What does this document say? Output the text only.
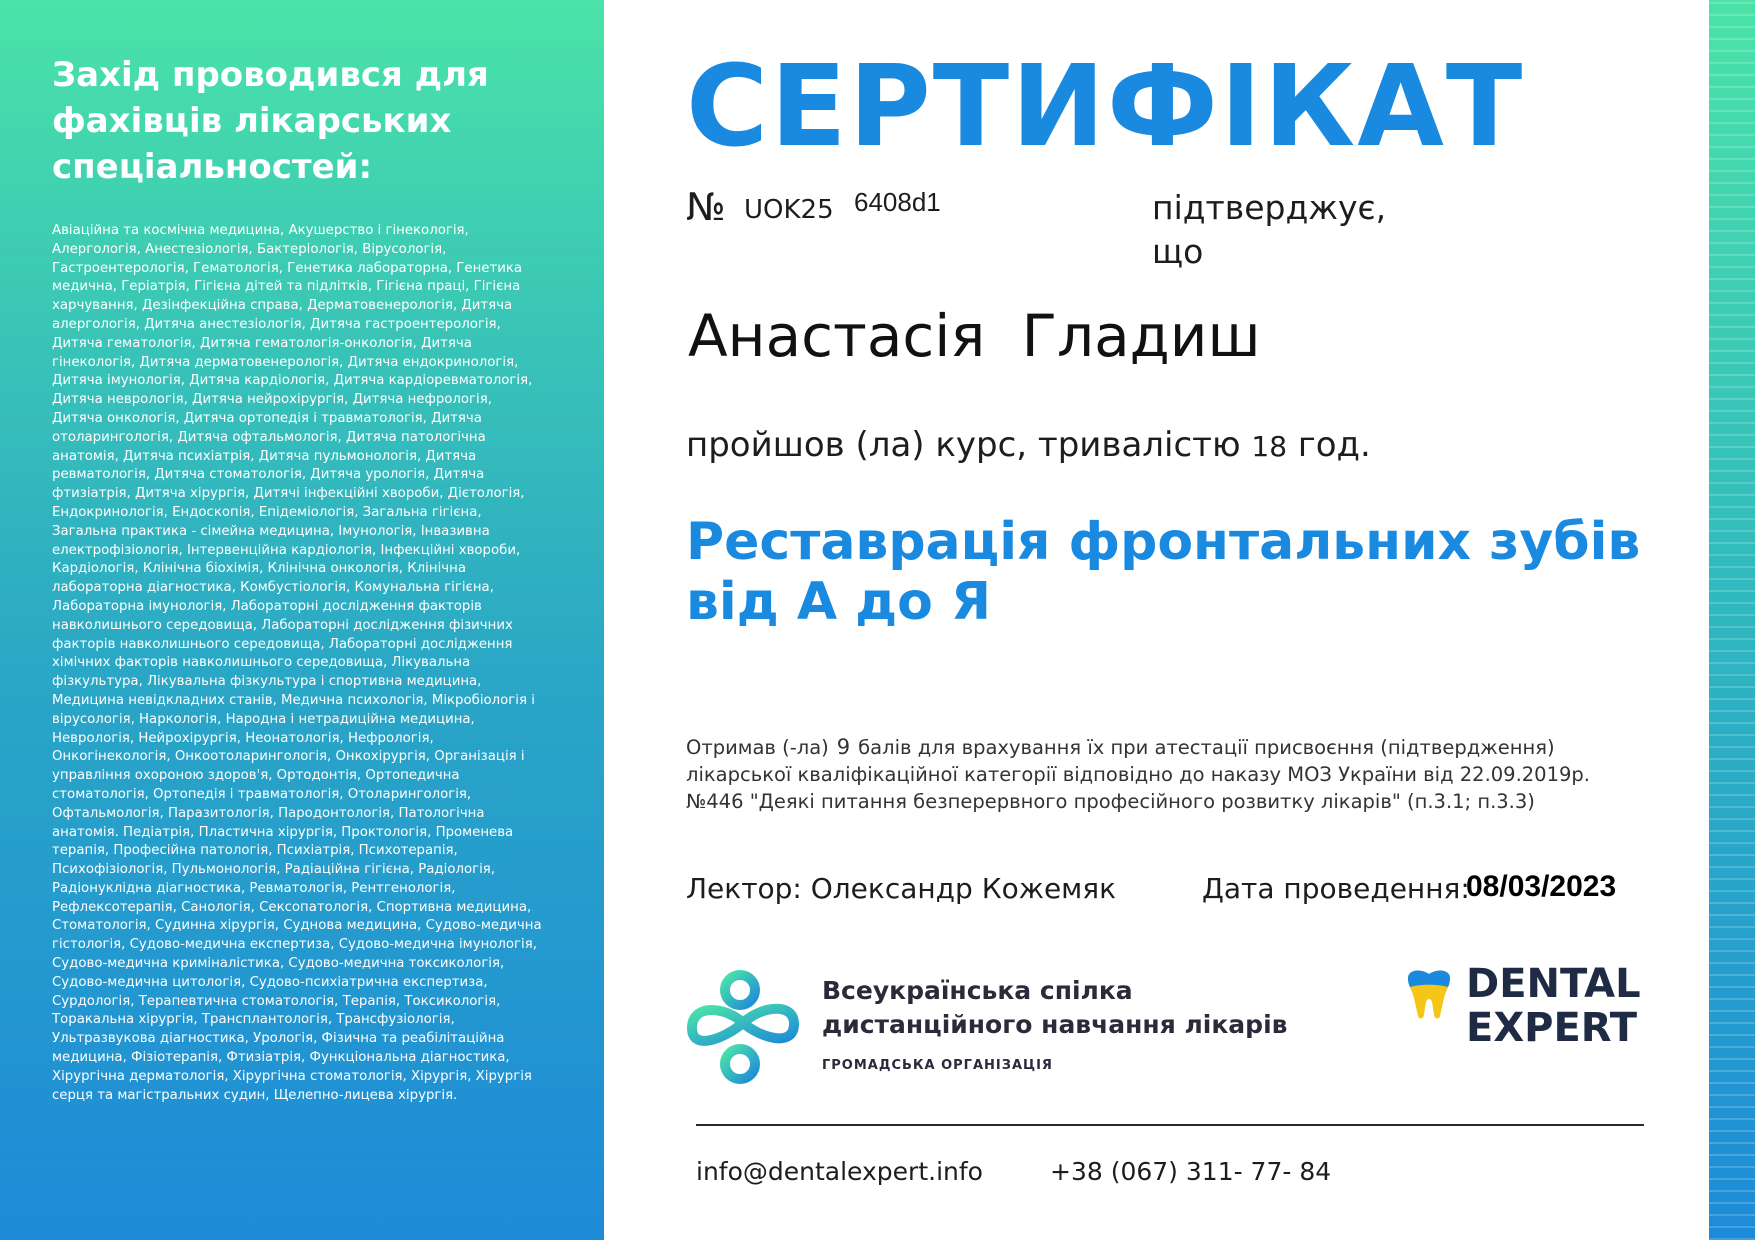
Захід проводився для фахівців лікарських спеціальностей:

Авіаційна та космічна медицина, Акушерство і гінекологія, Алергологія, Анестезіологія, Бактеріологія, Вірусологія, Гастроентерологія, Гематологія, Генетика лабораторна, Генетика медична, Геріатрія, Гігієна дітей та підлітків, Гігієна праці, Гігієна харчування, Дезінфекційна справа, Дерматовенерологія, Дитяча алергологія, Дитяча анестезіологія, Дитяча гастроентерологія, Дитяча гематологія, Дитяча гематологія-онкологія, Дитяча гінекологія, Дитяча дерматовенерологія, Дитяча ендокринологія, Дитяча імунологія, Дитяча кардіологія, Дитяча кардіоревматологія, Дитяча неврологія, Дитяча нейрохірургія, Дитяча нефрологія, Дитяча онкологія, Дитяча ортопедія і травматологія, Дитяча отоларингологія, Дитяча офтальмологія, Дитяча патологічна анатомія, Дитяча психіатрія, Дитяча пульмонологія, Дитяча ревматологія, Дитяча стоматологія, Дитяча урологія, Дитяча фтизіатрія, Дитяча хірургія, Дитячі інфекційні хвороби, Дієтологія, Ендокринологія, Ендоскопія, Епідеміологія, Загальна гігієна, Загальна практика - сімейна медицина, Імунологія, Інвазивна електрофізіологія, Інтервенційна кардіологія, Інфекційні хвороби, Кардіологія, Клінічна біохімія, Клінічна онкологія, Клінічна лабораторна діагностика, Комбустіологія, Комунальна гігієна, Лабораторна імунологія, Лабораторні дослідження факторів навколишнього середовища, Лабораторні дослідження фізичних факторів навколишнього середовища, Лабораторні дослідження хімічних факторів навколишнього середовища, Лікувальна фізкультура, Лікувальна фізкультура і спортивна медицина, Медицина невідкладних станів, Медична психологія, Мікробіологія і вірусологія, Наркологія, Народна і нетрадиційна медицина, Неврологія, Нейрохірургія, Неонатологія, Нефрологія, Онкогінекологія, Онкоотоларингологія, Онкохірургія, Організація і управління охороною здоров'я, Ортодонтія, Ортопедична стоматологія, Ортопедія і травматологія, Отоларингологія, Офтальмологія, Паразитологія, Пародонтологія, Патологічна анатомія. Педіатрія, Пластична хірургія, Проктологія, Променева терапія, Професійна патологія, Психіатрія, Психотерапія, Психофізіологія, Пульмонологія, Радіаційна гігієна, Радіологія, Радіонуклідна діагностика, Ревматологія, Рентгенологія, Рефлексотерапія, Санологія, Сексопатологія, Спортивна медицина, Стоматологія, Судинна хірургія, Суднова медицина, Судово-медична гістологія, Судово-медична експертиза, Судово-медична імунологія, Судово-медична криміналістика, Судово-медична токсикологія, Судово-медична цитологія, Судово-психіатрична експертиза, Сурдологія, Терапевтична стоматологія, Терапія, Токсикологія, Торакальна хірургія, Трансплантологія, Трансфузіологія, Ультразвукова діагностика, Урологія, Фізична та реабілітаційна медицина, Фізіотерапія, Фтизіатрія, Функціональна діагностика, Хірургічна дерматологія, Хірургічна стоматологія, Хірургія, Хірургія серця та магістральних судин, Щелепно-лицева хірургія.

СЕРТИФІКАТ
№ UOK25 6408d1	підтверджує, що

Анастасія Гладиш

пройшов (ла) курс, тривалістю 18 год.
Реставрація фронтальних зубів від А до Я

Отримав (-ла) 9 балів для врахування їх при атестації присвоєння (підтвердження) лікарської кваліфікаційної категорії відповідно до наказу МОЗ України від 22.09.2019р. №446 "Деякі питання безперервного професійного розвитку лікарів" (п.3.1; п.3.3)

Лектор: Олександр Кожемяк	Дата проведення:
08/03/2023

Всеукраїнська спілка
дистанційного навчання лікарів

ГРОМАДСЬКА ОРГАНІЗАЦІЯ

DENTAL
EXPERT

info@dentalexpert.info	+38 (067) 311- 77- 84
